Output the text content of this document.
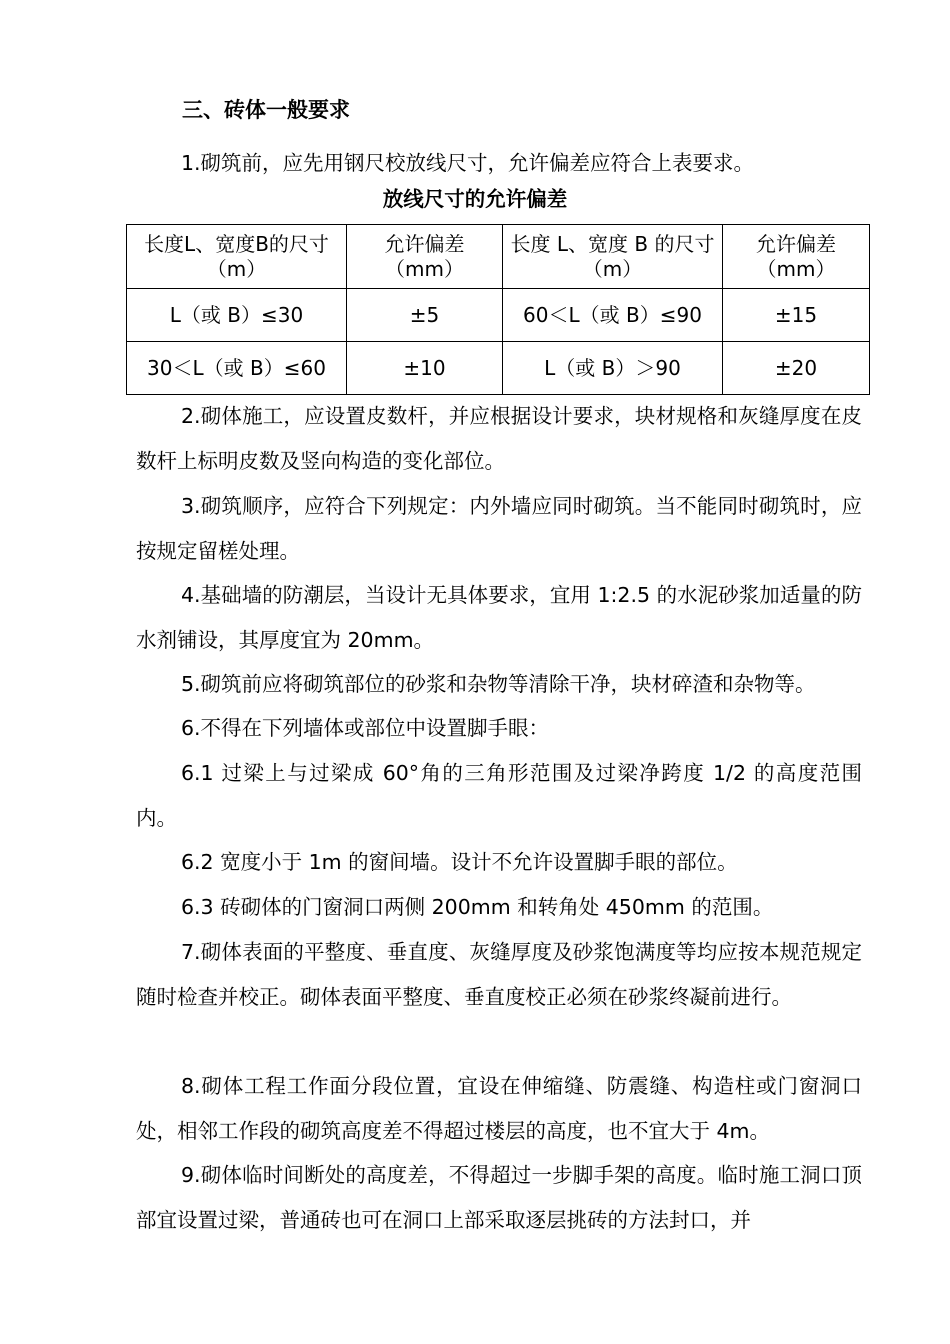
三、砖体一般要求

1.砌筑前，应先用钢尺校放线尺寸，允许偏差应符合上表要求。

放线尺寸的允许偏差
长度L、宽度B的尺寸（m）	允许偏差（mm）	长度 L、宽度 B 的尺寸（m）	允许偏差（mm）
L（或 B）≤30	±5	60＜L（或 B）≤90	±15
30＜L（或 B）≤60	±10	L（或 B）＞90	±20

2.砌体施工，应设置皮数杆，并应根据设计要求，块材规格和灰缝厚度在皮数杆上标明皮数及竖向构造的变化部位。

3.砌筑顺序，应符合下列规定：内外墙应同时砌筑。当不能同时砌筑时，应按规定留槎处理。

4.基础墙的防潮层，当设计无具体要求，宜用 1:2.5 的水泥砂浆加适量的防水剂铺设，其厚度宜为 20mm。

5.砌筑前应将砌筑部位的砂浆和杂物等清除干净，块材碎渣和杂物等。

6.不得在下列墙体或部位中设置脚手眼：

6.1 过梁上与过梁成 60°角的三角形范围及过梁净跨度 1/2 的高度范围内。

6.2 宽度小于 1m 的窗间墙。设计不允许设置脚手眼的部位。

6.3 砖砌体的门窗洞口两侧 200mm 和转角处 450mm 的范围。

7.砌体表面的平整度、垂直度、灰缝厚度及砂浆饱满度等均应按本规范规定随时检查并校正。砌体表面平整度、垂直度校正必须在砂浆终凝前进行。

8.砌体工程工作面分段位置，宜设在伸缩缝、防震缝、构造柱或门窗洞口处，相邻工作段的砌筑高度差不得超过楼层的高度，也不宜大于 4m。

9.砌体临时间断处的高度差，不得超过一步脚手架的高度。临时施工洞口顶部宜设置过梁，普通砖也可在洞口上部采取逐层挑砖的方法封口，并
